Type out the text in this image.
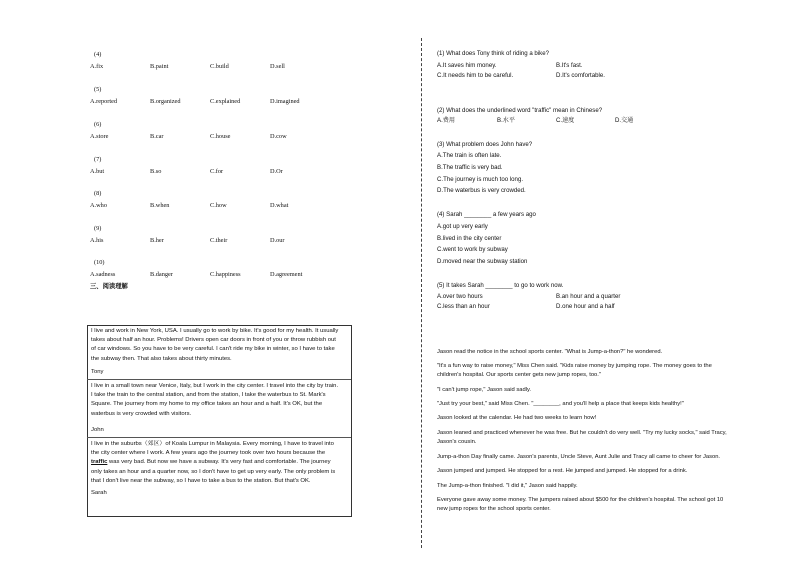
(4)
A.fix	B.paint	C.build	D.sell
(5)
A.reported	B.organized	C.explained	D.imagined
(6)
A.store	B.car	C.house	D.cow
(7)
A.but	B.so	C.for	D.Or
(8)
A.who	B.when	C.how	D.what
(9)
A.his	B.her	C.their	D.our
(10)
A.sadness	B.danger	C.happiness	D.agreement
三、阅读理解

I live and work in New York, USA. I usually go to work by bike. It's good for my health. It usually takes about half an hour. Problems! Drivers open car doors in front of you or throw rubbish out of car windows. So you have to be very careful. I can't ride my bike in winter, so I have to take the subway then. That also takes about thirty minutes.

Tony

I live in a small town near Venice, Italy, but I work in the city center. I travel into the city by train. I take the train to the central station, and from the station, I take the waterbus to St. Mark's Square. The journey from my home to my office takes an hour and a half. It's OK, but the waterbus is very crowded with visitors.

John

I live in the suburbs（郊区）of Koala Lumpur in Malaysia. Every morning, I have to travel into the city center where I work. A few years ago the journey took over two hours because the traffic was very bad. But now we have a subway. It's very fast and comfortable. The journey only takes an hour and a quarter now, so I don't have to get up very early. The only problem is that I don't live near the subway, so I have to take a bus to the station. But that's OK.

Sarah

(1) What does Tony think of riding a bike?
A.It saves him money.	B.It's fast.
C.It needs him to be careful.	D.It's comfortable.
(2) What does the underlined word "traffic" mean in Chinese?
A.费用	B.水平	C.速度	D.交通
(3) What problem does John have?
A.The train is often late.
B.The traffic is very bad.
C.The journey is much too long.
D.The waterbus is very crowded.
(4) Sarah ________ a few years ago
A.got up very early
B.lived in the city center
C.went to work by subway
D.moved near the subway station
(5) It takes Sarah ________ to go to work now.
A.over two hours	B.an hour and a quarter
C.less than an hour	D.one hour and a half
Jason read the notice in the school sports center. "What is Jump-a-thon?" he wondered.
"It's a fun way to raise money," Miss Chen said. "Kids raise money by jumping rope. The money goes to the children's hospital. Our sports center gets new jump ropes, too."
"I can't jump rope," Jason said sadly.
"Just try your best," said Miss Chen. "________, and you'll help a place that keeps kids healthy!"
Jason looked at the calendar. He had two weeks to learn how!
Jason leaned and practiced whenever he was free. But he couldn't do very well. "Try my lucky socks," said Tracy, Jason's cousin.
Jump-a-thon Day finally came. Jason's parents, Uncle Steve, Aunt Julie and Tracy all came to cheer for Jason.
Jason jumped and jumped. He stopped for a rest. He jumped and jumped. He stopped for a drink.
The Jump-a-thon finished. "I did it," Jason said happily.
Everyone gave away some money. The jumpers raised about $500 for the children's hospital. The school got 10 new jump ropes for the school sports center.
